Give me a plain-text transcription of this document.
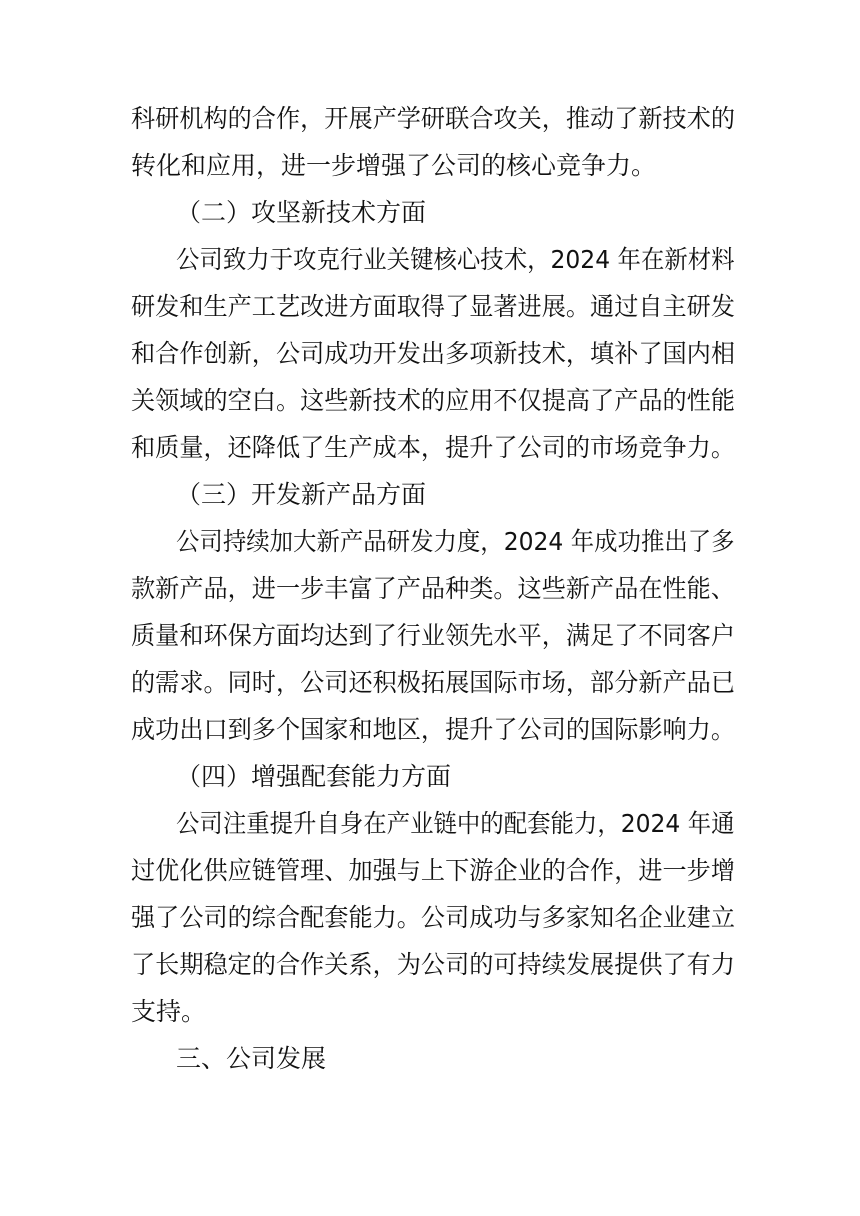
科研机构的合作，开展产学研联合攻关，推动了新技术的
转化和应用，进一步增强了公司的核心竞争力。
（二）攻坚新技术方面
公司致力于攻克行业关键核心技术，2024 年在新材料
研发和生产工艺改进方面取得了显著进展。通过自主研发
和合作创新，公司成功开发出多项新技术，填补了国内相
关领域的空白。这些新技术的应用不仅提高了产品的性能
和质量，还降低了生产成本，提升了公司的市场竞争力。
（三）开发新产品方面
公司持续加大新产品研发力度，2024 年成功推出了多
款新产品，进一步丰富了产品种类。这些新产品在性能、
质量和环保方面均达到了行业领先水平，满足了不同客户
的需求。同时，公司还积极拓展国际市场，部分新产品已
成功出口到多个国家和地区，提升了公司的国际影响力。
（四）增强配套能力方面
公司注重提升自身在产业链中的配套能力，2024 年通
过优化供应链管理、加强与上下游企业的合作，进一步增
强了公司的综合配套能力。公司成功与多家知名企业建立
了长期稳定的合作关系，为公司的可持续发展提供了有力
支持。
三、公司发展
